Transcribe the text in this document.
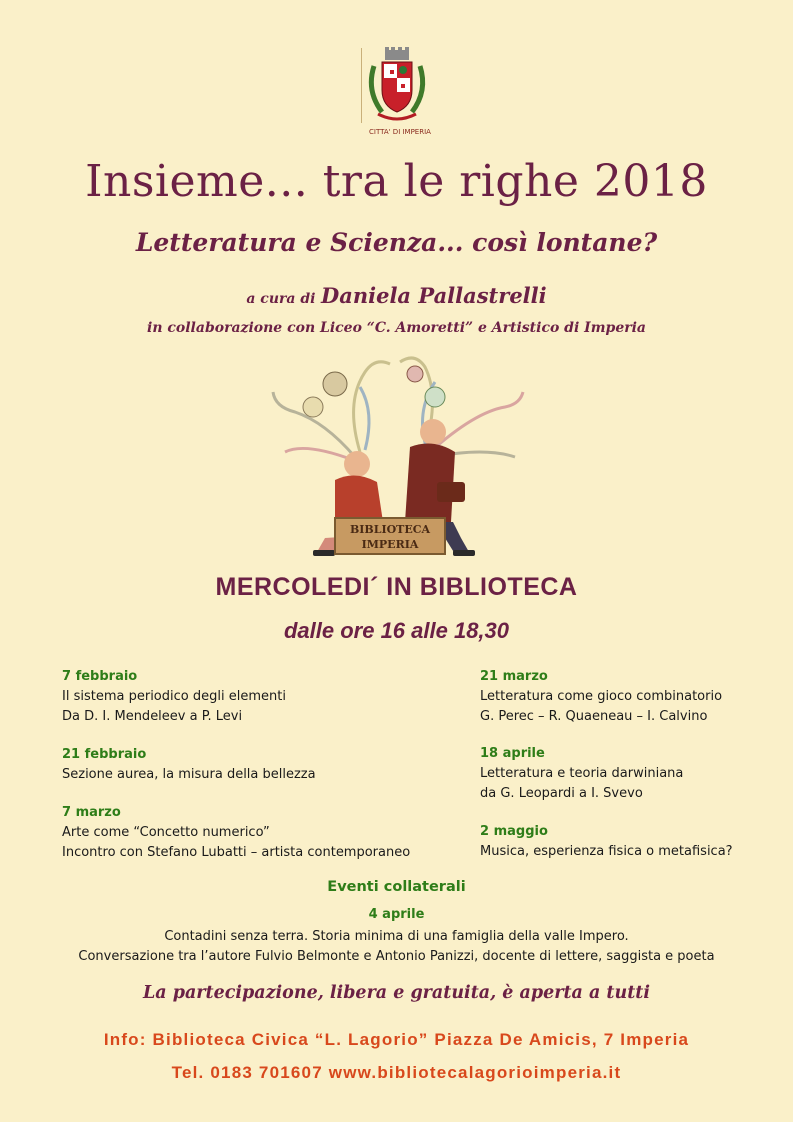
CITTA' DI IMPERIA
Insieme... tra le righe 2018
Letteratura e Scienza... così lontane?
a cura di Daniela Pallastrelli
in collaborazione con Liceo “C. Amoretti” e Artistico di Imperia
BIBLIOTECA
IMPERIA
MERCOLEDI´ IN BIBLIOTECA
dalle ore 16 alle 18,30
7 febbraio
Il sistema periodico degli elementi
Da D. I. Mendeleev a P. Levi
21 febbraio
Sezione aurea, la misura della bellezza
7 marzo
Arte come “Concetto numerico”
Incontro con Stefano Lubatti – artista contemporaneo
21 marzo
Letteratura come gioco combinatorio
G. Perec – R. Quaeneau – I. Calvino
18 aprile
Letteratura e teoria darwiniana
da G. Leopardi a I. Svevo
2 maggio
Musica, esperienza fisica o metafisica?
Eventi collaterali
4 aprile
Contadini senza terra. Storia minima di una famiglia della valle Impero.
Conversazione tra l’autore Fulvio Belmonte e Antonio Panizzi, docente di lettere, saggista e poeta
La partecipazione, libera e gratuita, è aperta a tutti
Info: Biblioteca Civica “L. Lagorio” Piazza De Amicis, 7 Imperia
Tel. 0183 701607 www.bibliotecalagorioimperia.it
